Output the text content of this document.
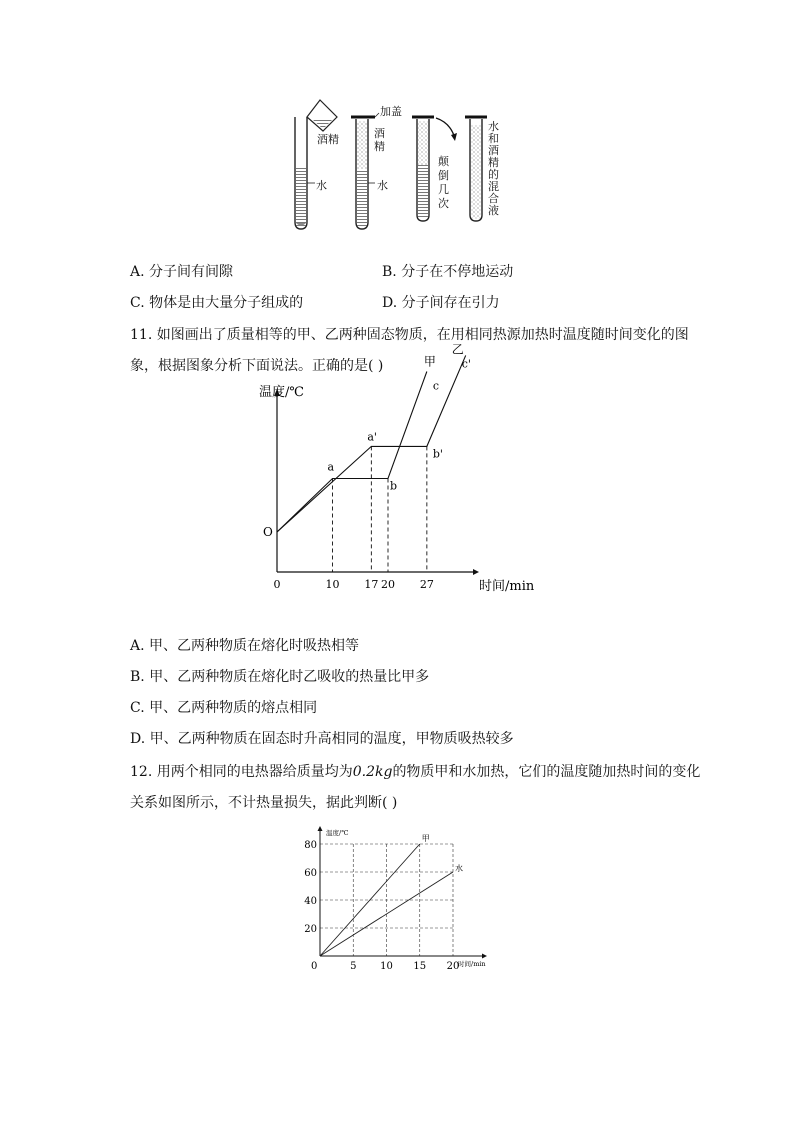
加盖
酒精	酒精
水	水
颠倒几次
水和酒精的混合液
A. 分子间有间隙	B. 分子在不停地运动
C. 物体是由大量分子组成的	D. 分子间存在引力
11. 如图画出了质量相等的甲、乙两种固态物质，在用相同热源加热时温度随时间变化的图
象，根据图象分析下面说法。正确的是( )
0	10 17 20 27	时间/min
温度/℃
O
a
a'
b
b'
c
c'
甲
乙
A. 甲、乙两种物质在熔化时吸热相等
B. 甲、乙两种物质在熔化时乙吸收的热量比甲多
C. 甲、乙两种物质的熔点相同
D. 甲、乙两种物质在固态时升高相同的温度，甲物质吸热较多
12. 用两个相同的电热器给质量均为0.2kg的物质甲和水加热，它们的温度随加热时间的变化
关系如图所示，不计热量损失，据此判断( )
甲
水
0	5 10 15 20
20
40
60
80
时间/min
温度/℃
